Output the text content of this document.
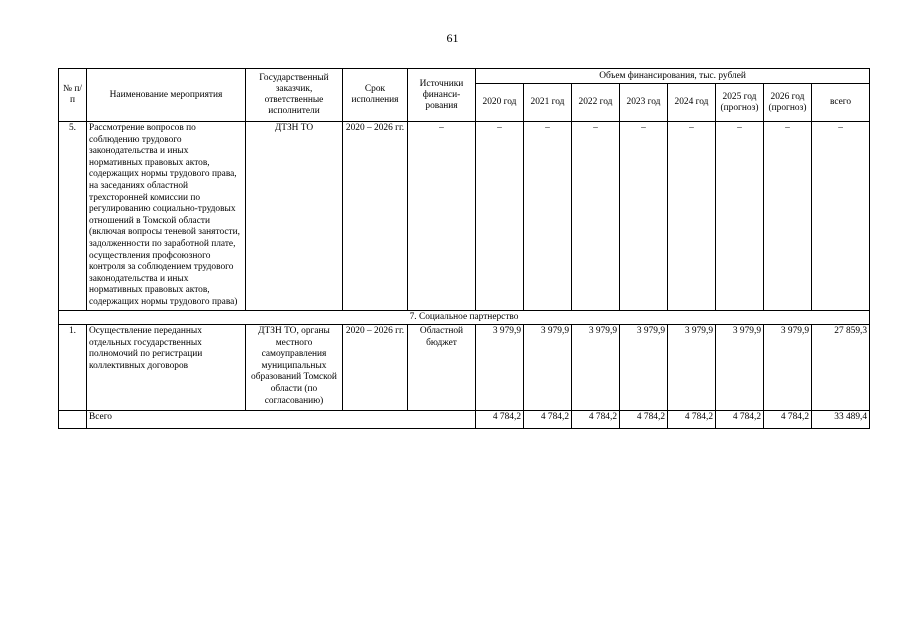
61
№ п/п	Наименование мероприятия	Государственный заказчик, ответственные исполнители	Срок исполнения	Источники финанси-рования	Объем финансирования, тыс. рублей							
					2020 год	2021 год	2022 год	2023 год	2024 год	2025 год (прогноз)	2026 год (прогноз)	всего
5.	Рассмотрение вопросов по соблюдению трудового законодательства и иных нормативных правовых актов, содержащих нормы трудового права, на заседаниях областной трехсторонней комиссии по регулированию социально-трудовых отношений в Томской области (включая вопросы теневой занятости, задолженности по заработной плате, осуществления профсоюзного контроля за соблюдением трудового законодательства и иных нормативных правовых актов, содержащих нормы трудового права)	ДТЗН ТО	2020 – 2026 гг.	–	–	–	–	–	–	–	–	–
7. Социальное партнерство												
1.	Осуществление переданных отдельных государственных полномочий по регистрации коллективных договоров	ДТЗН ТО, органы местного самоуправления муниципальных образований Томской области (по согласованию)	2020 – 2026 гг.	Областной бюджет	3 979,9	3 979,9	3 979,9	3 979,9	3 979,9	3 979,9	3 979,9	27 859,3
	Всего				4 784,2	4 784,2	4 784,2	4 784,2	4 784,2	4 784,2	4 784,2	33 489,4
